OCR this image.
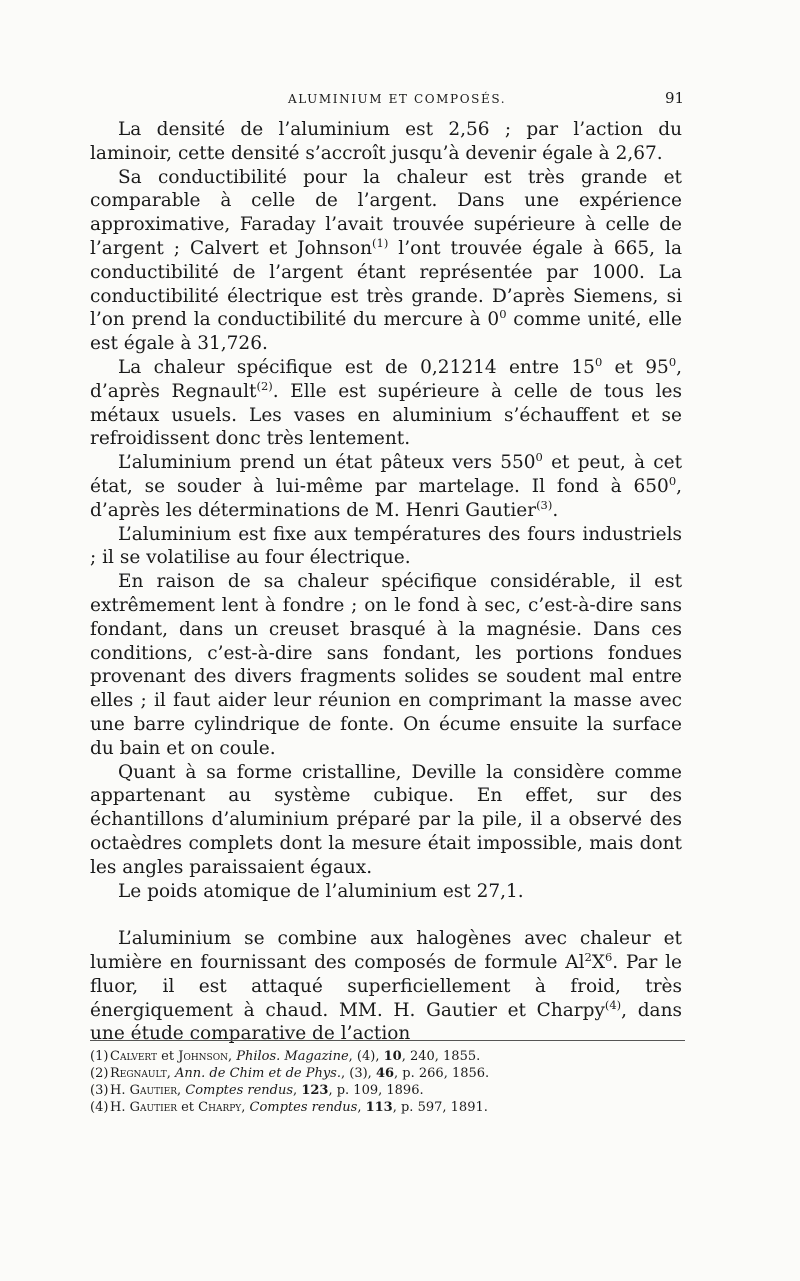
ALUMINIUM ET COMPOSÉS.	91

La densité de l’aluminium est 2,56 ; par l’action du laminoir, cette densité s’accroît jusqu’à devenir égale à 2,67.

Sa conductibilité pour la chaleur est très grande et comparable à celle de l’argent. Dans une expérience approximative, Faraday l’avait trouvée supérieure à celle de l’argent ; Calvert et Johnson$^{(1)}$ l’ont trouvée égale à 665, la conductibilité de l’argent étant représentée par 1000. La conductibilité électrique est très grande. D’après Siemens, si l’on prend la conductibilité du mercure à $0^0$ comme unité, elle est égale à 31,726.

La chaleur spécifique est de 0,21214 entre $15^0$ et $95^0$, d’après Regnault$^{(2)}$. Elle est supérieure à celle de tous les métaux usuels. Les vases en aluminium s’échauffent et se refroidissent donc très lentement.

L’aluminium prend un état pâteux vers $550^0$ et peut, à cet état, se souder à lui-même par martelage. Il fond à $650^0$, d’après les déterminations de M. Henri Gautier$^{(3)}$.

L’aluminium est fixe aux températures des fours industriels ; il se volatilise au four électrique.

En raison de sa chaleur spécifique considérable, il est extrêmement lent à fondre ; on le fond à sec, c’est-à-dire sans fondant, dans un creuset brasqué à la magnésie. Dans ces conditions, c’est-à-dire sans fondant, les portions fondues provenant des divers fragments solides se soudent mal entre elles ; il faut aider leur réunion en comprimant la masse avec une barre cylindrique de fonte. On écume ensuite la surface du bain et on coule.

Quant à sa forme cristalline, Deville la considère comme appartenant au système cubique. En effet, sur des échantillons d’aluminium préparé par la pile, il a observé des octaèdres complets dont la mesure était impossible, mais dont les angles paraissaient égaux.

Le poids atomique de l’aluminium est 27,1.

L’aluminium se combine aux halogènes avec chaleur et lumière en fournissant des composés de formule $Al^2X^6$. Par le fluor, il est attaqué superficiellement à froid, très énergiquement à chaud. MM. H. Gautier et Charpy$^{(4)}$, dans une étude comparative de l’action

(1) Calvert et Johnson, Philos. Magazine, (4), 10, 240, 1855.

(2) Regnault, Ann. de Chim et de Phys., (3), 46, p. 266, 1856.

(3) H. Gautier, Comptes rendus, 123, p. 109, 1896.

(4) H. Gautier et Charpy, Comptes rendus, 113, p. 597, 1891.
